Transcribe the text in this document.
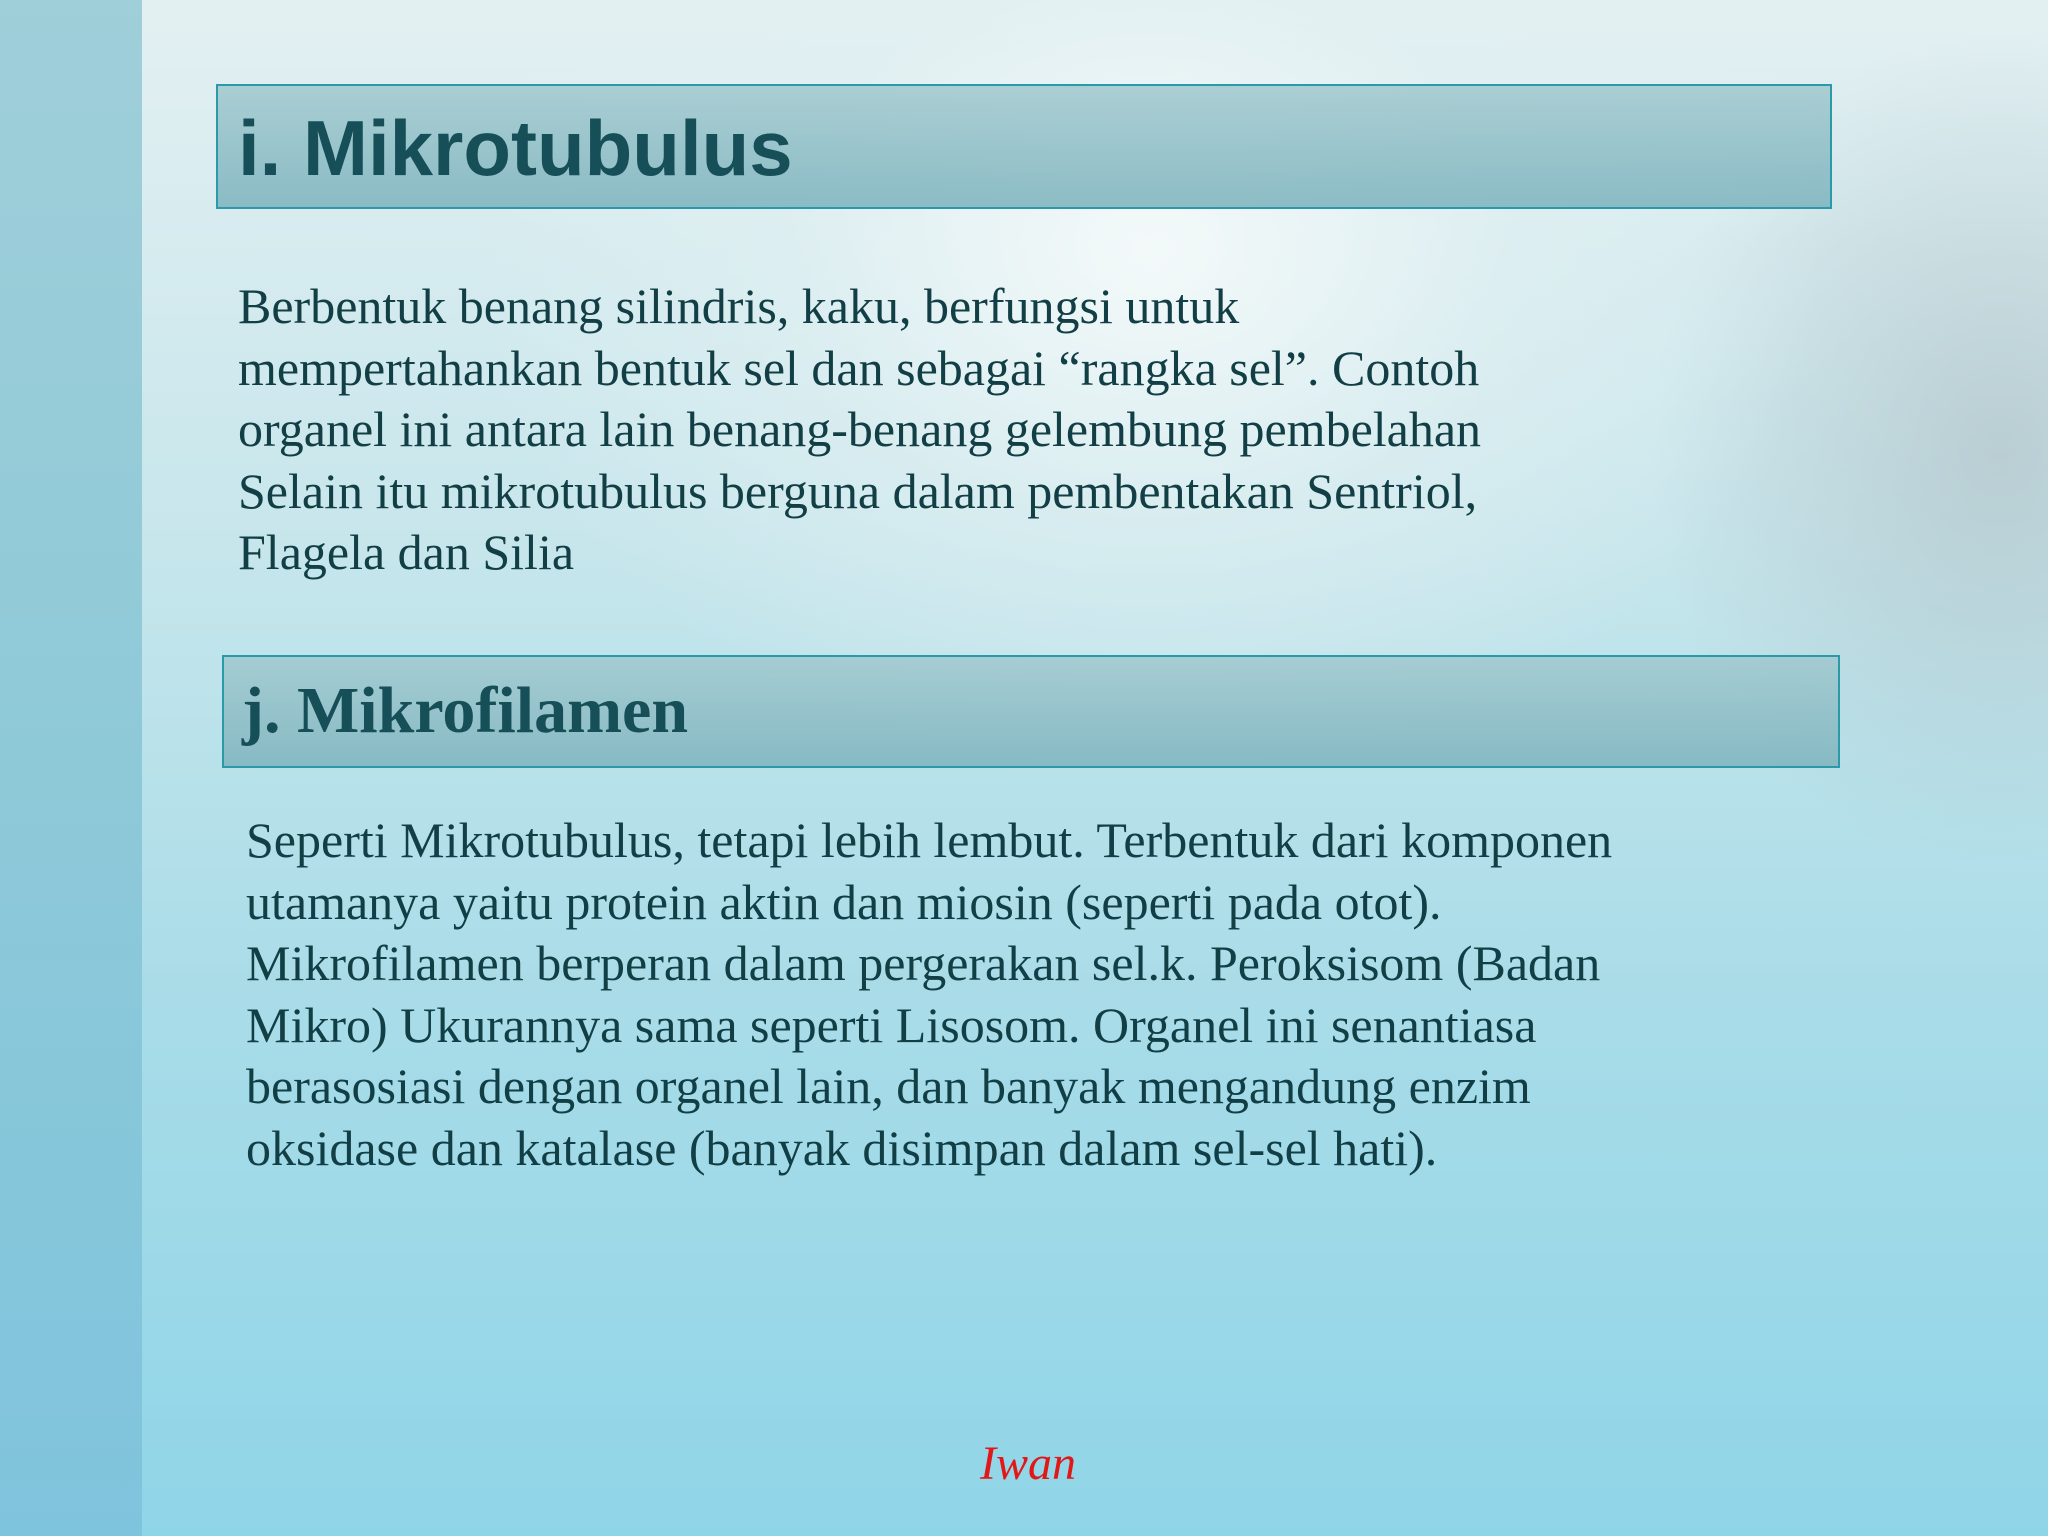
i. Mikrotubulus
Berbentuk benang silindris, kaku, berfungsi untuk
mempertahankan bentuk sel dan sebagai “rangka sel”. Contoh
organel ini antara lain benang-benang gelembung pembelahan
Selain itu mikrotubulus berguna dalam pembentakan Sentriol,
Flagela dan Silia
j. Mikrofilamen
Seperti Mikrotubulus, tetapi lebih lembut. Terbentuk dari komponen
utamanya yaitu protein aktin dan miosin (seperti pada otot).
Mikrofilamen berperan dalam pergerakan sel.k. Peroksisom (Badan
Mikro) Ukurannya sama seperti Lisosom. Organel ini senantiasa
berasosiasi dengan organel lain, dan banyak mengandung enzim
oksidase dan katalase (banyak disimpan dalam sel-sel hati).
Iwan
